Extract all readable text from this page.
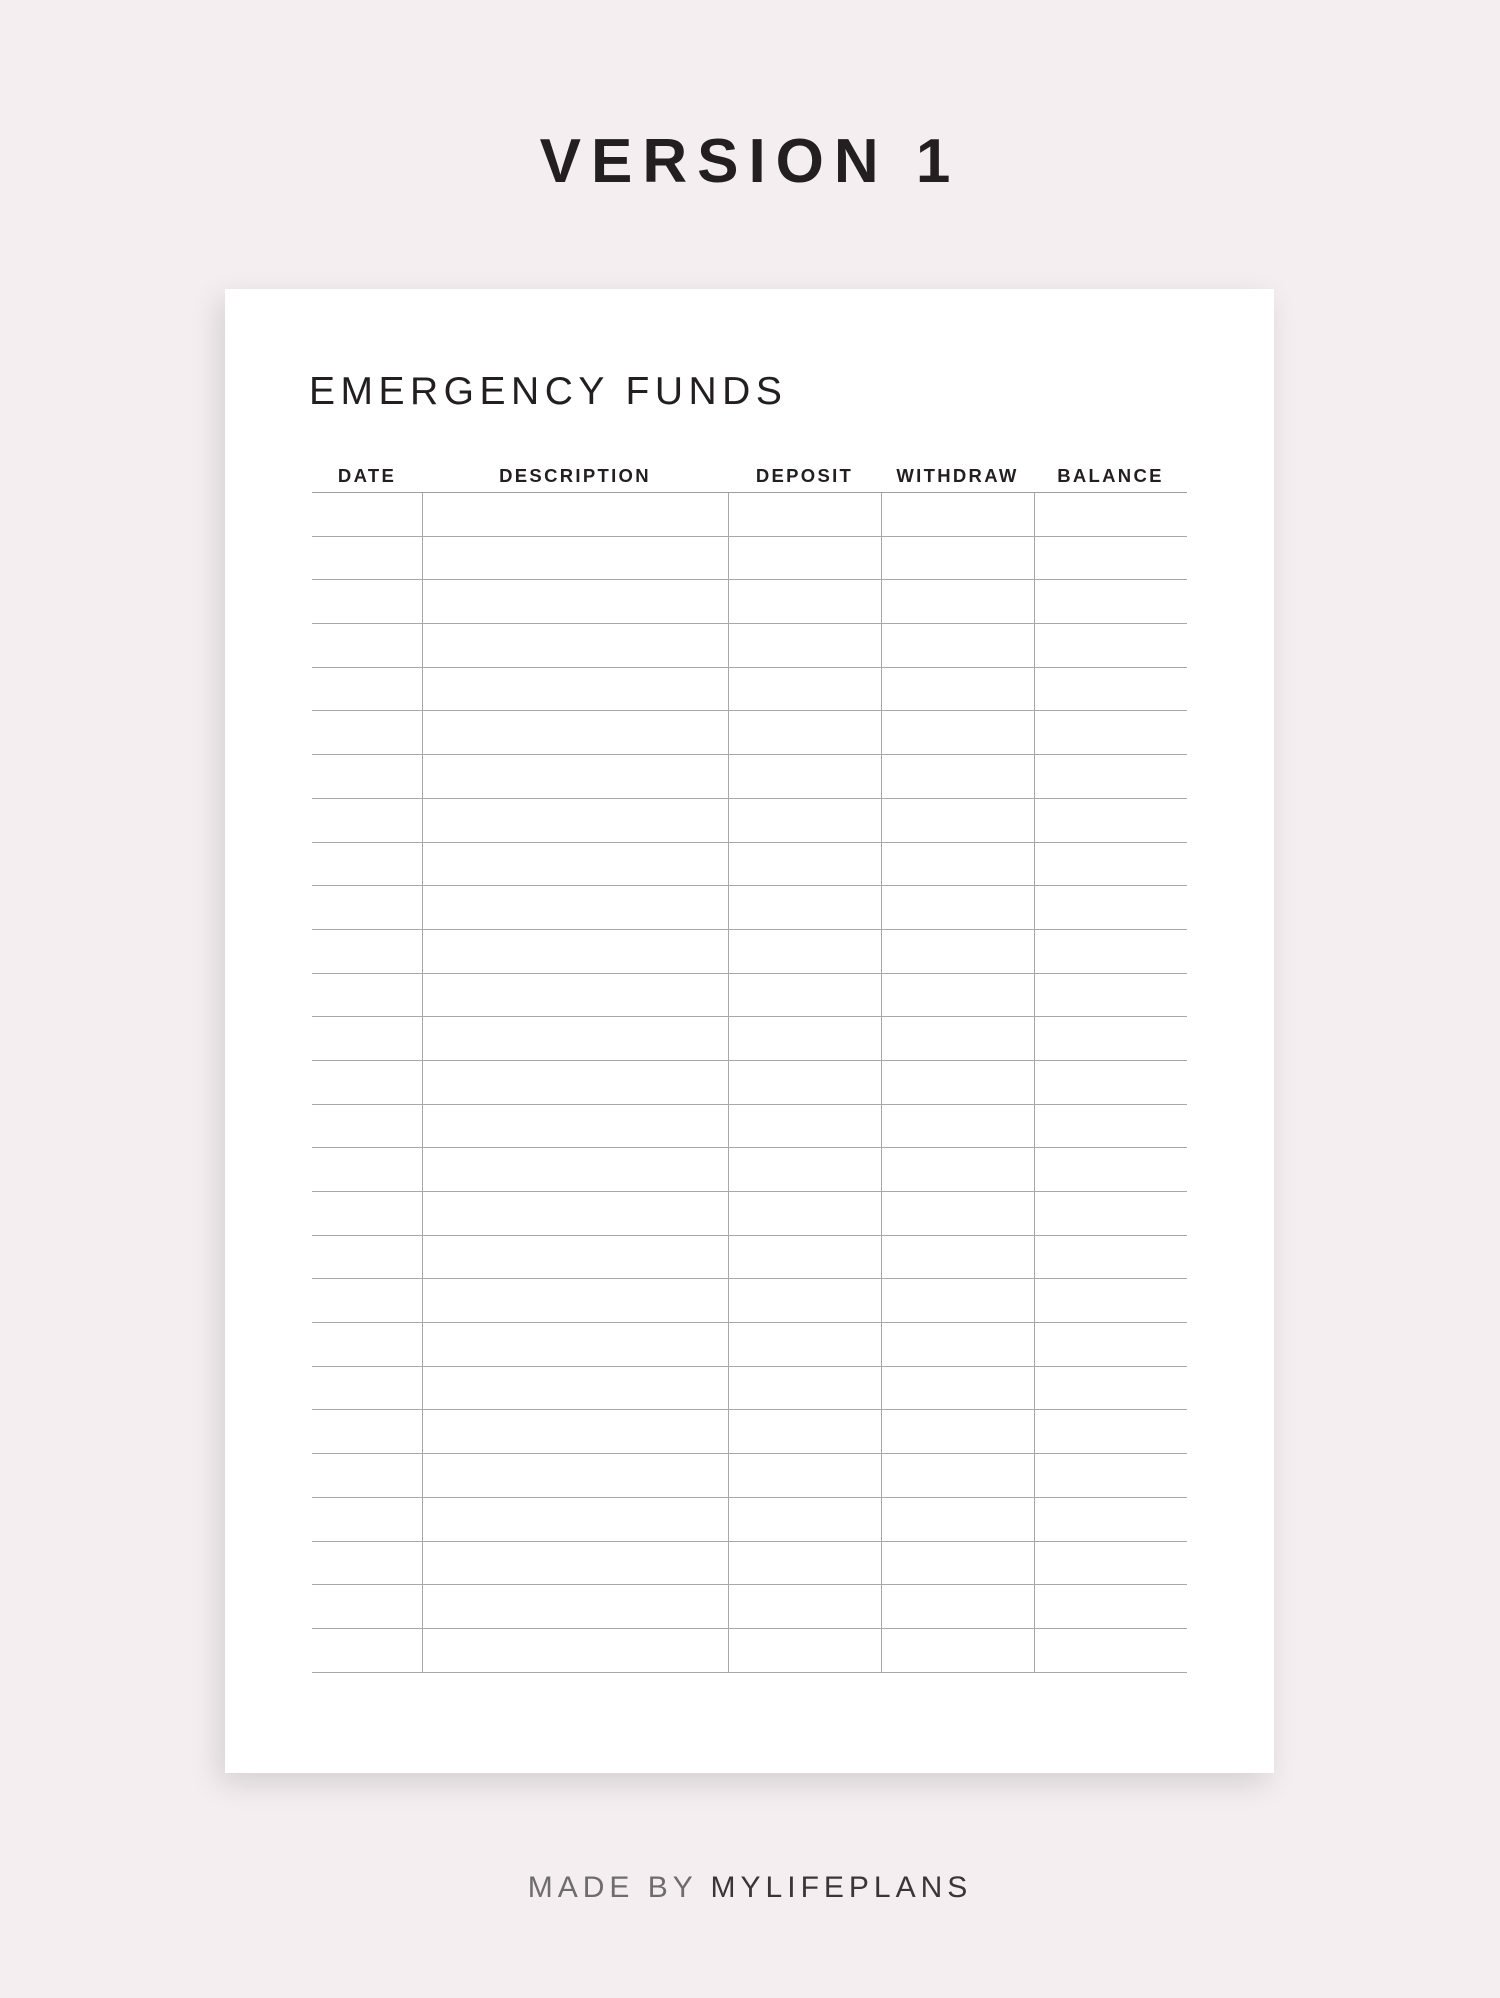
VERSION 1
EMERGENCY FUNDS
DATE	DESCRIPTION	DEPOSIT	WITHDRAW	BALANCE
MADE BY MYLIFEPLANS
